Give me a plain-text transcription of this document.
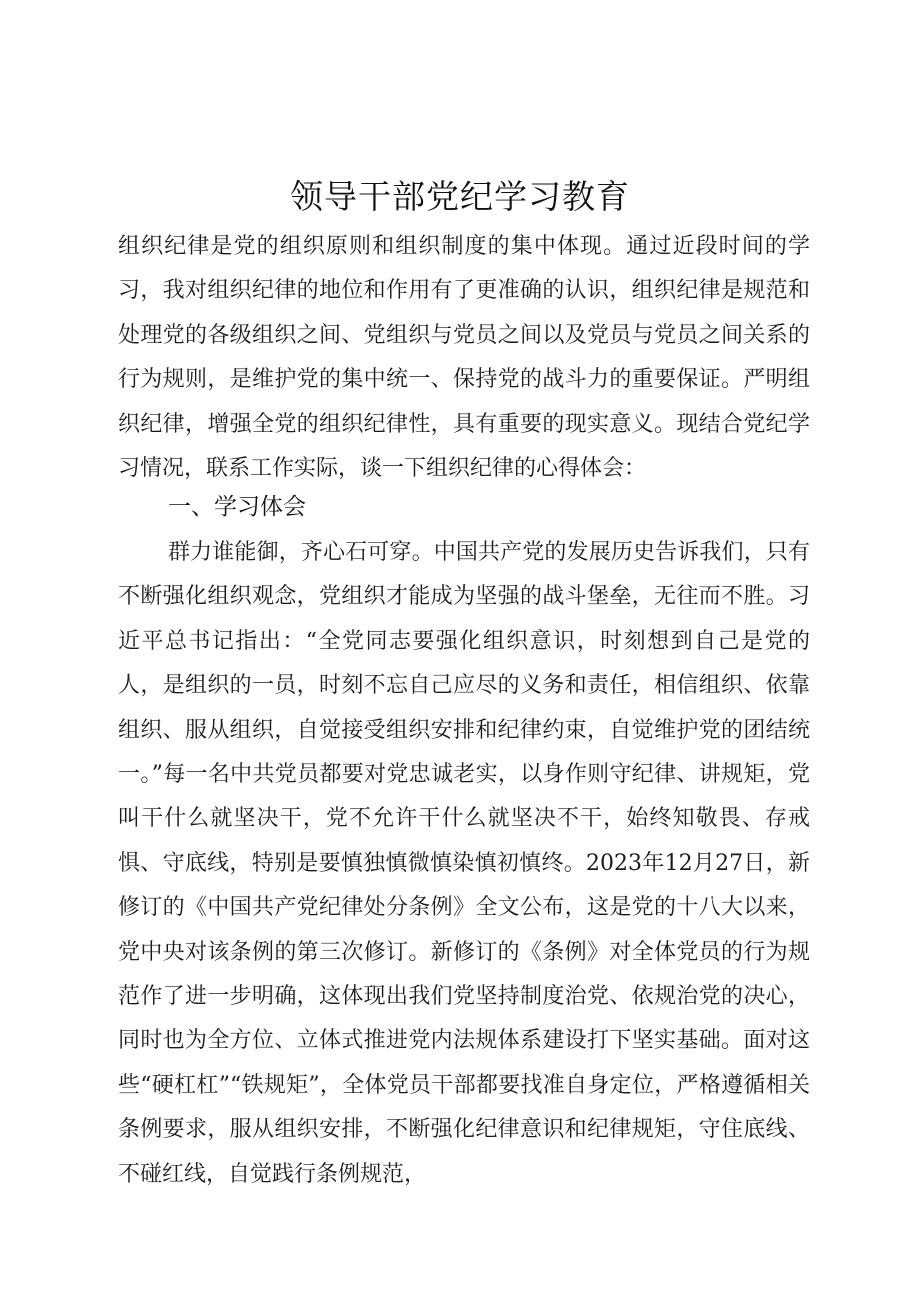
领导干部党纪学习教育

组织纪律是党的组织原则和组织制度的集中体现。通过近段时间的学习，我对组织纪律的地位和作用有了更准确的认识，组织纪律是规范和处理党的各级组织之间、党组织与党员之间以及党员与党员之间关系的行为规则，是维护党的集中统一、保持党的战斗力的重要保证。严明组织纪律，增强全党的组织纪律性，具有重要的现实意义。现结合党纪学习情况，联系工作实际，谈一下组织纪律的心得体会：

一、学习体会

群力谁能御，齐心石可穿。中国共产党的发展历史告诉我们，只有不断强化组织观念，党组织才能成为坚强的战斗堡垒，无往而不胜。习近平总书记指出：“全党同志要强化组织意识，时刻想到自己是党的人，是组织的一员，时刻不忘自己应尽的义务和责任，相信组织、依靠组织、服从组织，自觉接受组织安排和纪律约束，自觉维护党的团结统一。”每一名中共党员都要对党忠诚老实，以身作则守纪律、讲规矩，党叫干什么就坚决干，党不允许干什么就坚决不干，始终知敬畏、存戒惧、守底线，特别是要慎独慎微慎染慎初慎终。2023年12月27日，新修订的《中国共产党纪律处分条例》全文公布，这是党的十八大以来，党中央对该条例的第三次修订。新修订的《条例》对全体党员的行为规范作了进一步明确，这体现出我们党坚持制度治党、依规治党的决心，同时也为全方位、立体式推进党内法规体系建设打下坚实基础。面对这些“硬杠杠”“铁规矩”，全体党员干部都要找准自身定位，严格遵循相关条例要求，服从组织安排，不断强化纪律意识和纪律规矩，守住底线、不碰红线，自觉践行条例规范，
